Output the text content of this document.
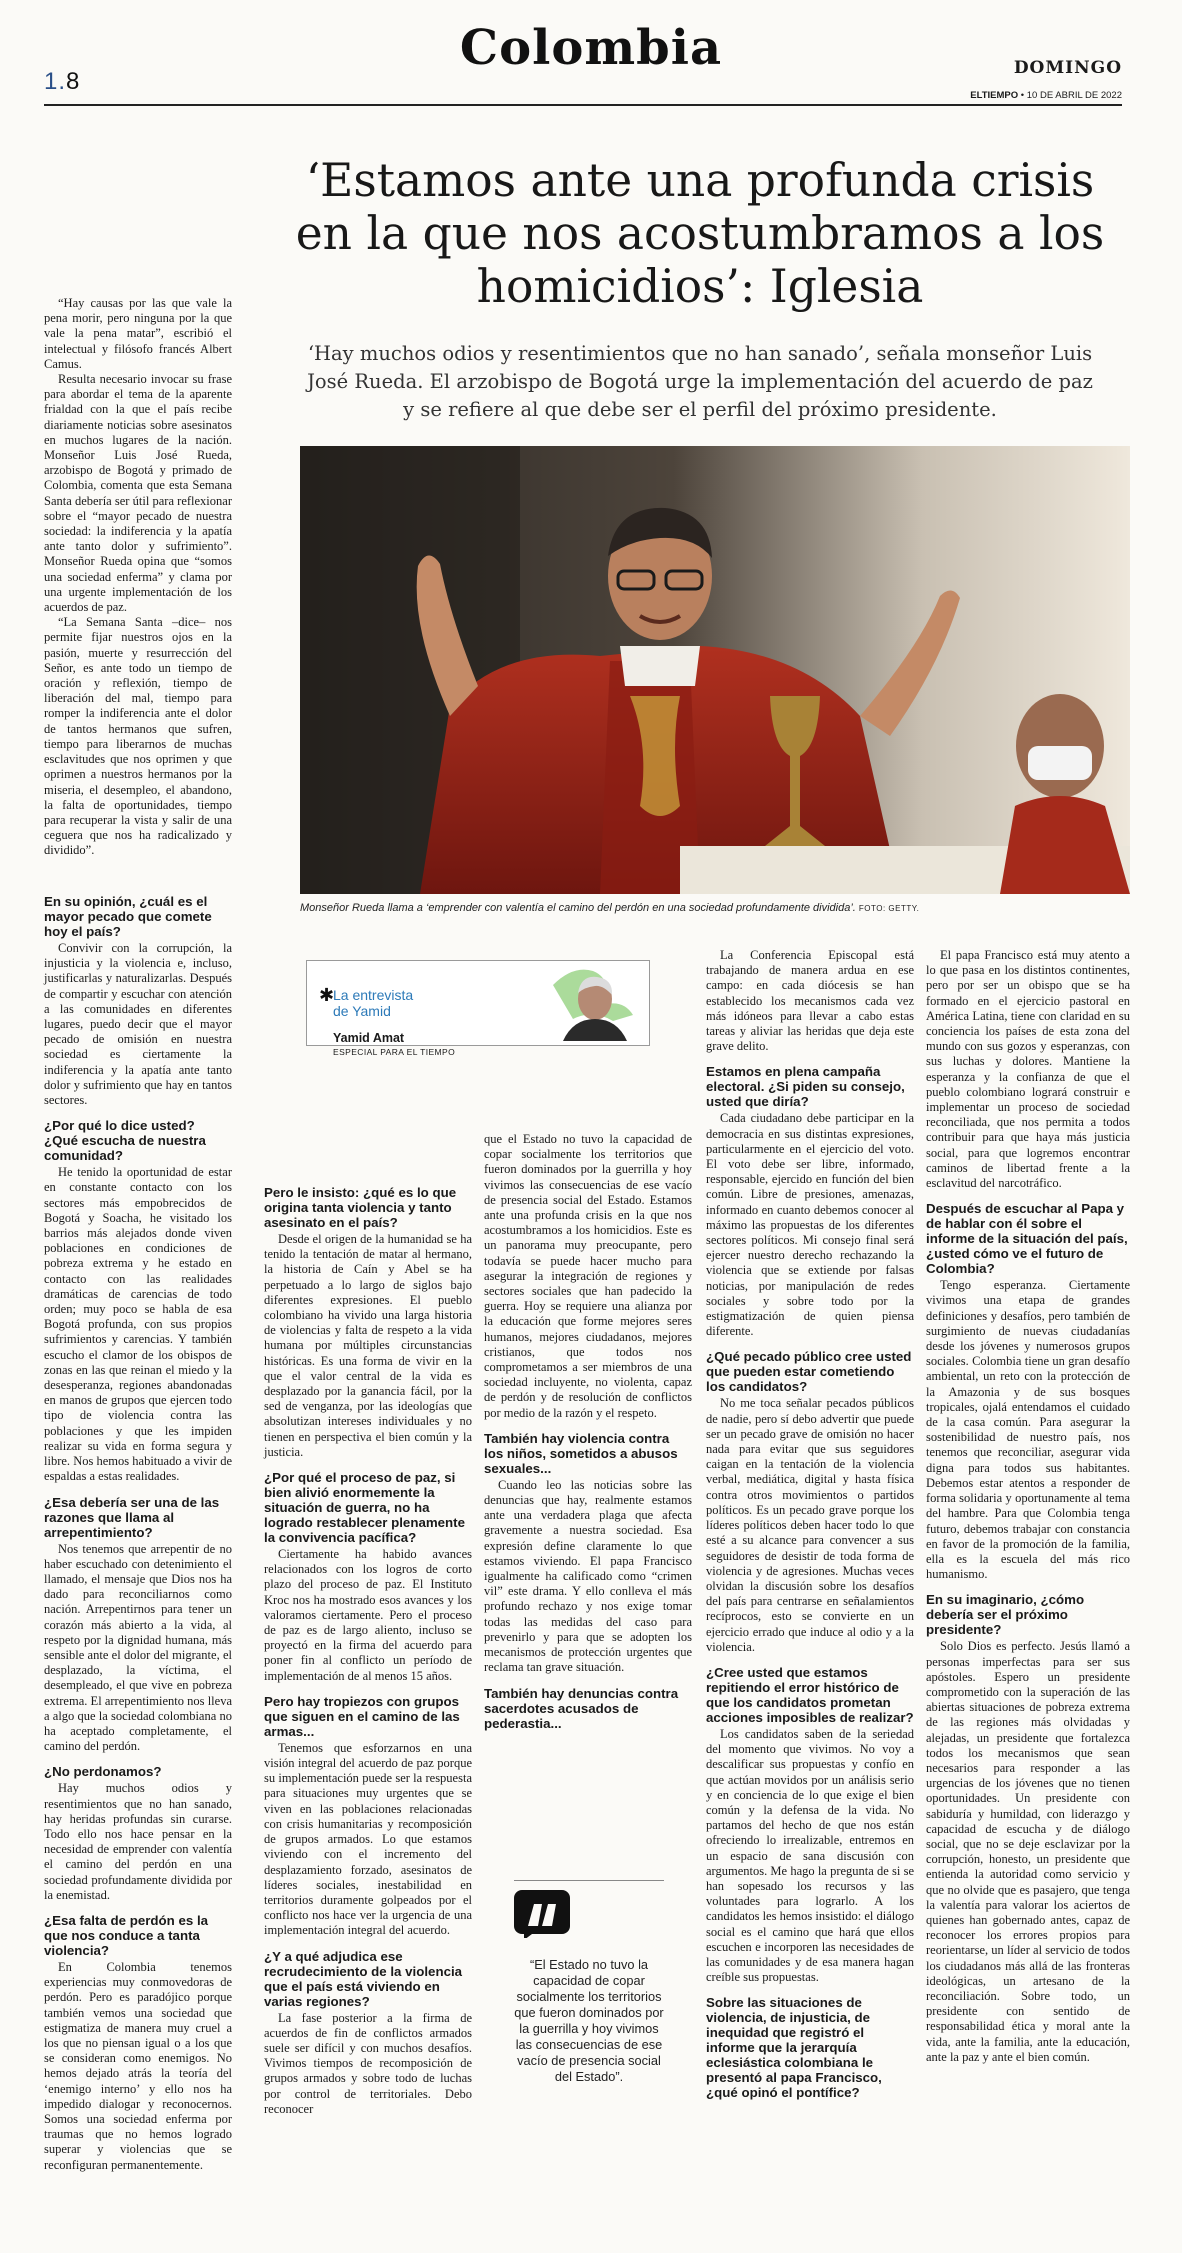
1.8
Colombia	DOMINGO
ELTIEMPO • 10 DE ABRIL DE 2022
‘Estamos ante una profunda crisis en la que nos acostumbramos a los homicidios’: Iglesia
‘Hay muchos odios y resentimientos que no han sanado’, señala monseñor Luis José Rueda. El arzobispo de Bogotá urge la implementación del acuerdo de paz y se refiere al que debe ser el perfil del próximo presidente.
Monseñor Rueda llama a ‘emprender con valentía el camino del perdón en una sociedad profundamente dividida’. FOTO: GETTY.
✱
La entrevista
de Yamid
Yamid Amat
ESPECIAL PARA EL TIEMPO

“Hay causas por las que vale la pena morir, pero ninguna por la que vale la pena matar”, escribió el intelectual y filósofo francés Albert Camus.

Resulta necesario invocar su frase para abordar el tema de la aparente frialdad con la que el país recibe diariamente noticias sobre asesinatos en muchos lugares de la nación. Monseñor Luis José Rueda, arzobispo de Bogotá y primado de Colombia, comenta que esta Semana Santa debería ser útil para reflexionar sobre el “mayor pecado de nuestra sociedad: la indiferencia y la apatía ante tanto dolor y sufrimiento”. Monseñor Rueda opina que “somos una sociedad enferma” y clama por una urgente implementación de los acuerdos de paz.

“La Semana Santa –dice– nos permite fijar nuestros ojos en la pasión, muerte y resurrección del Señor, es ante todo un tiempo de oración y reflexión, tiempo de liberación del mal, tiempo para romper la indiferencia ante el dolor de tantos hermanos que sufren, tiempo para liberarnos de muchas esclavitudes que nos oprimen y que oprimen a nuestros hermanos por la miseria, el desempleo, el abandono, la falta de oportunidades, tiempo para recuperar la vista y salir de una ceguera que nos ha radicalizado y dividido”.

Pero le insisto: ¿qué es lo que origina tanta violencia y tanto asesinato en el país?

Desde el origen de la humanidad se ha tenido la tentación de matar al hermano, la historia de Caín y Abel se ha perpetuado a lo largo de siglos bajo diferentes expresiones. El pueblo colombiano ha vivido una larga historia de violencias y falta de respeto a la vida humana por múltiples circunstancias históricas. Es una forma de vivir en la que el valor central de la vida es desplazado por la ganancia fácil, por la sed de venganza, por las ideologías que absolutizan intereses individuales y no tienen en perspectiva el bien común y la justicia.

¿Por qué el proceso de paz, si bien alivió enormemente la situación de guerra, no ha logrado restablecer plenamente la convivencia pacífica?

Ciertamente ha habido avances relacionados con los logros de corto plazo del proceso de paz. El Instituto Kroc nos ha mostrado esos avances y los valoramos ciertamente. Pero el proceso de paz es de largo aliento, incluso se proyectó en la firma del acuerdo para poner fin al conflicto un período de implementación de al menos 15 años.

Pero hay tropiezos con grupos que siguen en el camino de las armas...

Tenemos que esforzarnos en una visión integral del acuerdo de paz porque su implementación puede ser la respuesta para situaciones muy urgentes que se viven en las poblaciones relacionadas con crisis humanitarias y recomposición de grupos armados. Lo que estamos viviendo con el incremento del desplazamiento forzado, asesinatos de líderes sociales, inestabilidad en territorios duramente golpeados por el conflicto nos hace ver la urgencia de una implementación integral del acuerdo.

¿Y a qué adjudica ese recrudecimiento de la violencia que el país está viviendo en varias regiones?

La fase posterior a la firma de acuerdos de fin de conflictos armados suele ser difícil y con muchos desafíos. Vivimos tiempos de recomposición de grupos armados y sobre todo de luchas por control de territoriales. Debo reconocer

que el Estado no tuvo la capacidad de copar socialmente los territorios que fueron dominados por la guerrilla y hoy vivimos las consecuencias de ese vacío de presencia social del Estado. Estamos ante una profunda crisis en la que nos acostumbramos a los homicidios. Este es un panorama muy preocupante, pero todavía se puede hacer mucho para asegurar la integración de regiones y sectores sociales que han padecido la guerra. Hoy se requiere una alianza por la educación que forme mejores seres humanos, mejores ciudadanos, mejores cristianos, que todos nos comprometamos a ser miembros de una sociedad incluyente, no violenta, capaz de perdón y de resolución de conflictos por medio de la razón y el respeto.

También hay violencia contra los niños, sometidos a abusos sexuales...

Cuando leo las noticias sobre las denuncias que hay, realmente estamos ante una verdadera plaga que afecta gravemente a nuestra sociedad. Esa expresión define claramente lo que estamos viviendo. El papa Francisco igualmente ha calificado como “crimen vil” este drama. Y ello conlleva el más profundo rechazo y nos exige tomar todas las medidas del caso para prevenirlo y para que se adopten los mecanismos de protección urgentes que reclama tan grave situación.

También hay denuncias contra sacerdotes acusados de pederastia...
“El Estado no tuvo la capacidad de copar socialmente los territorios que fueron dominados por la guerrilla y hoy vivimos las consecuencias de ese vacío de presencia social del Estado”.

La Conferencia Episcopal está trabajando de manera ardua en ese campo: en cada diócesis se han establecido los mecanismos cada vez más idóneos para llevar a cabo estas tareas y aliviar las heridas que deja este grave delito.

Estamos en plena campaña electoral. ¿Si piden su consejo, usted que diría?

Cada ciudadano debe participar en la democracia en sus distintas expresiones, particularmente en el ejercicio del voto. El voto debe ser libre, informado, responsable, ejercido en función del bien común. Libre de presiones, amenazas, informado en cuanto debemos conocer al máximo las propuestas de los diferentes sectores políticos. Mi consejo final será ejercer nuestro derecho rechazando la violencia que se extiende por falsas noticias, por manipulación de redes sociales y sobre todo por la estigmatización de quien piensa diferente.

¿Qué pecado público cree usted que pueden estar cometiendo los candidatos?

No me toca señalar pecados públicos de nadie, pero sí debo advertir que puede ser un pecado grave de omisión no hacer nada para evitar que sus seguidores caigan en la tentación de la violencia verbal, mediática, digital y hasta física contra otros movimientos o partidos políticos. Es un pecado grave porque los líderes políticos deben hacer todo lo que esté a su alcance para convencer a sus seguidores de desistir de toda forma de violencia y de agresiones. Muchas veces olvidan la discusión sobre los desafíos del país para centrarse en señalamientos recíprocos, esto se convierte en un ejercicio errado que induce al odio y a la violencia.

¿Cree usted que estamos repitiendo el error histórico de que los candidatos prometan acciones imposibles de realizar?

Los candidatos saben de la seriedad del momento que vivimos. No voy a descalificar sus propuestas y confío en que actúan movidos por un análisis serio y en conciencia de lo que exige el bien común y la defensa de la vida. No partamos del hecho de que nos están ofreciendo lo irrealizable, entremos en un espacio de sana discusión con argumentos. Me hago la pregunta de si se han sopesado los recursos y las voluntades para lograrlo. A los candidatos les hemos insistido: el diálogo social es el camino que hará que ellos escuchen e incorporen las necesidades de las comunidades y de esa manera hagan creíble sus propuestas.

Sobre las situaciones de violencia, de injusticia, de inequidad que registró el informe que la jerarquía eclesiástica colombiana le presentó al papa Francisco, ¿qué opinó el pontífice?

El papa Francisco está muy atento a lo que pasa en los distintos continentes, pero por ser un obispo que se ha formado en el ejercicio pastoral en América Latina, tiene con claridad en su conciencia los países de esta zona del mundo con sus gozos y esperanzas, con sus luchas y dolores. Mantiene la esperanza y la confianza de que el pueblo colombiano logrará construir e implementar un proceso de sociedad reconciliada, que nos permita a todos contribuir para que haya más justicia social, para que logremos encontrar caminos de libertad frente a la esclavitud del narcotráfico.

Después de escuchar al Papa y de hablar con él sobre el informe de la situación del país, ¿usted cómo ve el futuro de Colombia?

Tengo esperanza. Ciertamente vivimos una etapa de grandes definiciones y desafíos, pero también de surgimiento de nuevas ciudadanías desde los jóvenes y numerosos grupos sociales. Colombia tiene un gran desafío ambiental, un reto con la protección de la Amazonia y de sus bosques tropicales, ojalá entendamos el cuidado de la casa común. Para asegurar la sostenibilidad de nuestro país, nos tenemos que reconciliar, asegurar vida digna para todos sus habitantes. Debemos estar atentos a responder de forma solidaria y oportunamente al tema del hambre. Para que Colombia tenga futuro, debemos trabajar con constancia en favor de la promoción de la familia, ella es la escuela del más rico humanismo.

En su imaginario, ¿cómo debería ser el próximo presidente?

Solo Dios es perfecto. Jesús llamó a personas imperfectas para ser sus apóstoles. Espero un presidente comprometido con la superación de las abiertas situaciones de pobreza extrema de las regiones más olvidadas y alejadas, un presidente que fortalezca todos los mecanismos que sean necesarios para responder a las urgencias de los jóvenes que no tienen oportunidades. Un presidente con sabiduría y humildad, con liderazgo y capacidad de escucha y de diálogo social, que no se deje esclavizar por la corrupción, honesto, un presidente que entienda la autoridad como servicio y que no olvide que es pasajero, que tenga la valentía para valorar los aciertos de quienes han gobernado antes, capaz de reconocer los errores propios para reorientarse, un líder al servicio de todos los ciudadanos más allá de las fronteras ideológicas, un artesano de la reconciliación. Sobre todo, un presidente con sentido de responsabilidad ética y moral ante la vida, ante la familia, ante la educación, ante la paz y ante el bien común.

En su opinión, ¿cuál es el mayor pecado que comete hoy el país?

Convivir con la corrupción, la injusticia y la violencia e, incluso, justificarlas y naturalizarlas. Después de compartir y escuchar con atención a las comunidades en diferentes lugares, puedo decir que el mayor pecado de omisión en nuestra sociedad es ciertamente la indiferencia y la apatía ante tanto dolor y sufrimiento que hay en tantos sectores.

¿Por qué lo dice usted? ¿Qué escucha de nuestra comunidad?

He tenido la oportunidad de estar en constante contacto con los sectores más empobrecidos de Bogotá y Soacha, he visitado los barrios más alejados donde viven poblaciones en condiciones de pobreza extrema y he estado en contacto con las realidades dramáticas de carencias de todo orden; muy poco se habla de esa Bogotá profunda, con sus propios sufrimientos y carencias. Y también escucho el clamor de los obispos de zonas en las que reinan el miedo y la desesperanza, regiones abandonadas en manos de grupos que ejercen todo tipo de violencia contra las poblaciones y que les impiden realizar su vida en forma segura y libre. Nos hemos habituado a vivir de espaldas a estas realidades.

¿Esa debería ser una de las razones que llama al arrepentimiento?

Nos tenemos que arrepentir de no haber escuchado con detenimiento el llamado, el mensaje que Dios nos ha dado para reconciliarnos como nación. Arrepentirnos para tener un corazón más abierto a la vida, al respeto por la dignidad humana, más sensible ante el dolor del migrante, el desplazado, la víctima, el desempleado, el que vive en pobreza extrema. El arrepentimiento nos lleva a algo que la sociedad colombiana no ha aceptado completamente, el camino del perdón.

¿No perdonamos?

Hay muchos odios y resentimientos que no han sanado, hay heridas profundas sin curarse. Todo ello nos hace pensar en la necesidad de emprender con valentía el camino del perdón en una sociedad profundamente dividida por la enemistad.

¿Esa falta de perdón es la que nos conduce a tanta violencia?

En Colombia tenemos experiencias muy conmovedoras de perdón. Pero es paradójico porque también vemos una sociedad que estigmatiza de manera muy cruel a los que no piensan igual o a los que se consideran como enemigos. No hemos dejado atrás la teoría del ‘enemigo interno’ y ello nos ha impedido dialogar y reconocernos. Somos una sociedad enferma por traumas que no hemos logrado superar y violencias que se reconfiguran permanentemente.
